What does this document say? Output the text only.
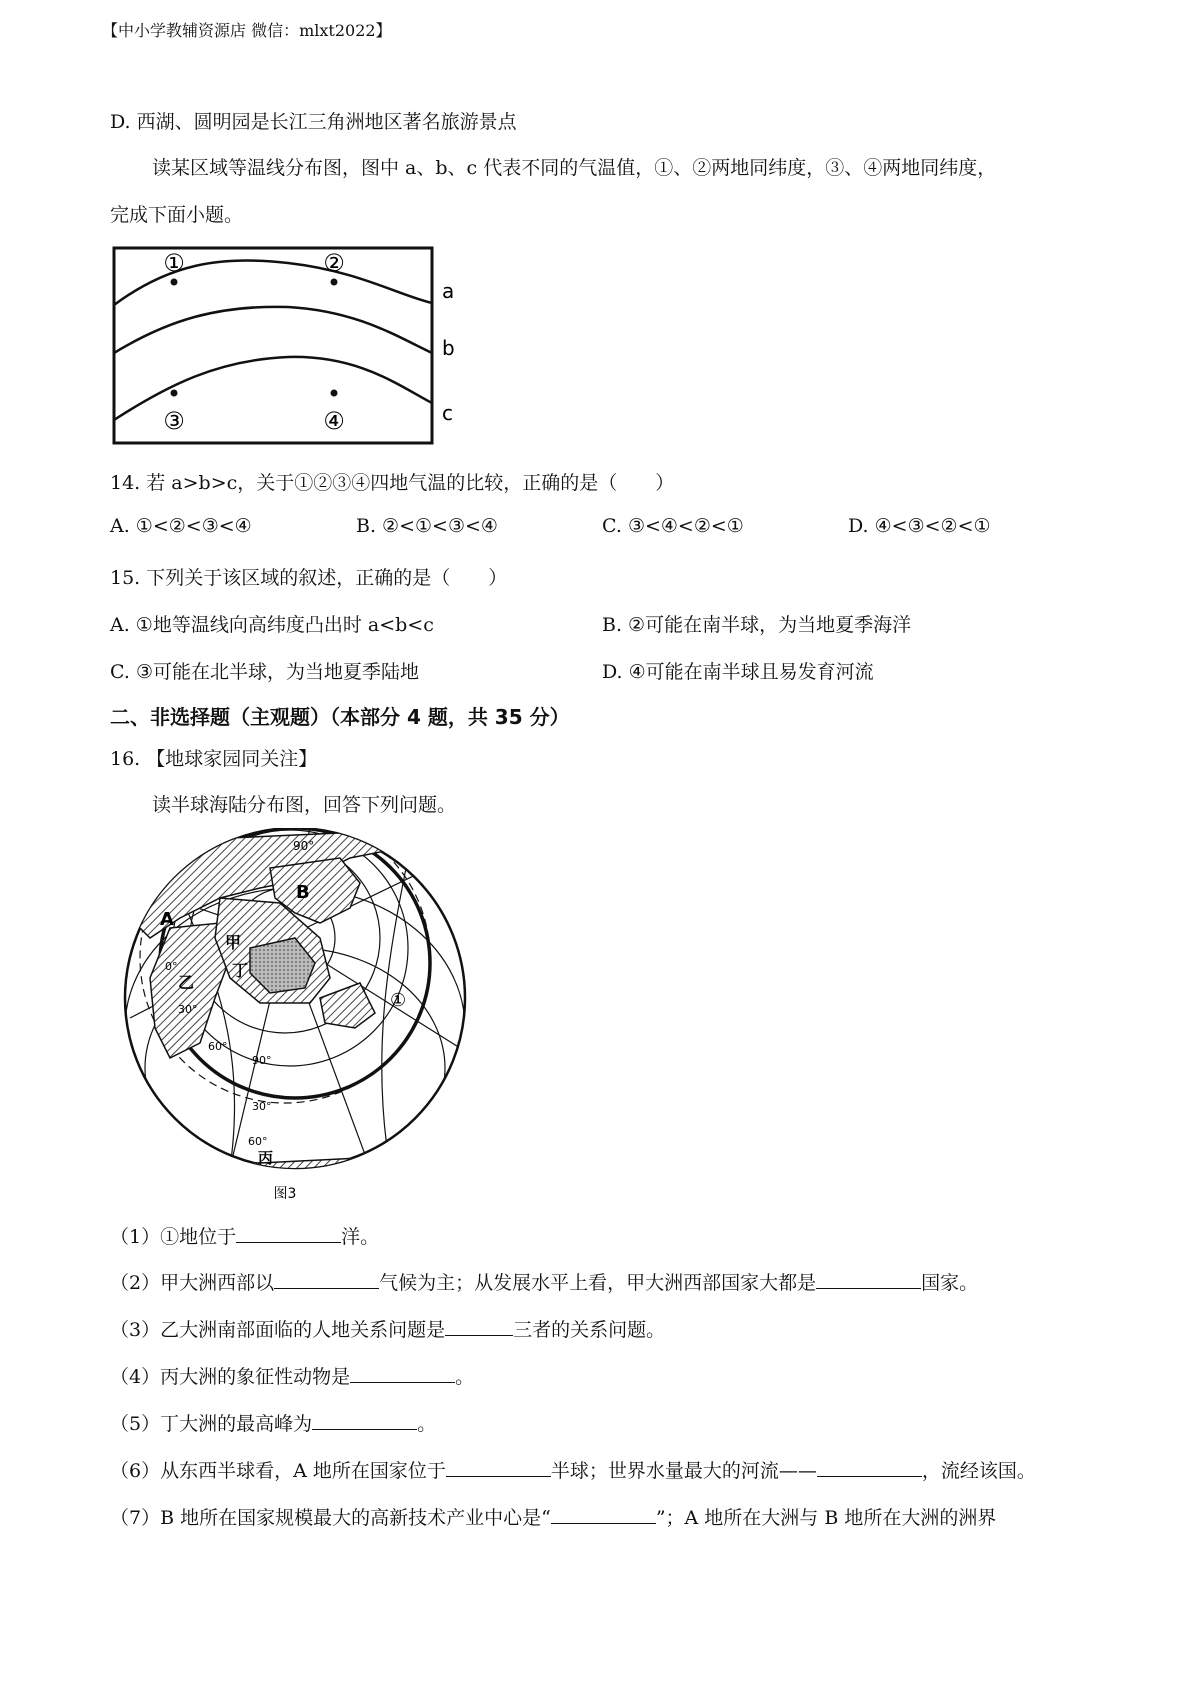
【中小学教辅资源店 微信：mlxt2022】
D. 西湖、圆明园是长江三角洲地区著名旅游景点
读某区域等温线分布图，图中 a、b、c 代表不同的气温值，①、②两地同纬度，③、④两地同纬度，
完成下面小题。
①	②
③	④
a
b
c
14. 若 a>b>c，关于①②③④四地气温的比较，正确的是（　　）
A. ①<②<③<④	B. ②<①<③<④	C. ③<④<②<①	D. ④<③<②<①
15. 下列关于该区域的叙述，正确的是（　　）
A. ①地等温线向高纬度凸出时 a<b<c	B. ②可能在南半球，为当地夏季海洋
C. ③可能在北半球，为当地夏季陆地	D. ④可能在南半球且易发育河流
二、非选择题（主观题）（本部分 4 题，共 35 分）
16. 【地球家园同关注】
读半球海陆分布图，回答下列问题。
90°
B
A
0°
甲
乙
丁
30°
60°
90°
30°
60°
丙
①
图3
（1）①地位于	洋。
（2）甲大洲西部以	气候为主；从发展水平上看，甲大洲西部国家大都是	国家。
（3）乙大洲南部面临的人地关系问题是	三者的关系问题。
（4）丙大洲的象征性动物是	。
（5）丁大洲的最高峰为	。
（6）从东西半球看，A 地所在国家位于	半球；世界水量最大的河流——	，流经该国。
（7）B 地所在国家规模最大的高新技术产业中心是“	”；A 地所在大洲与 B 地所在大洲的洲界
